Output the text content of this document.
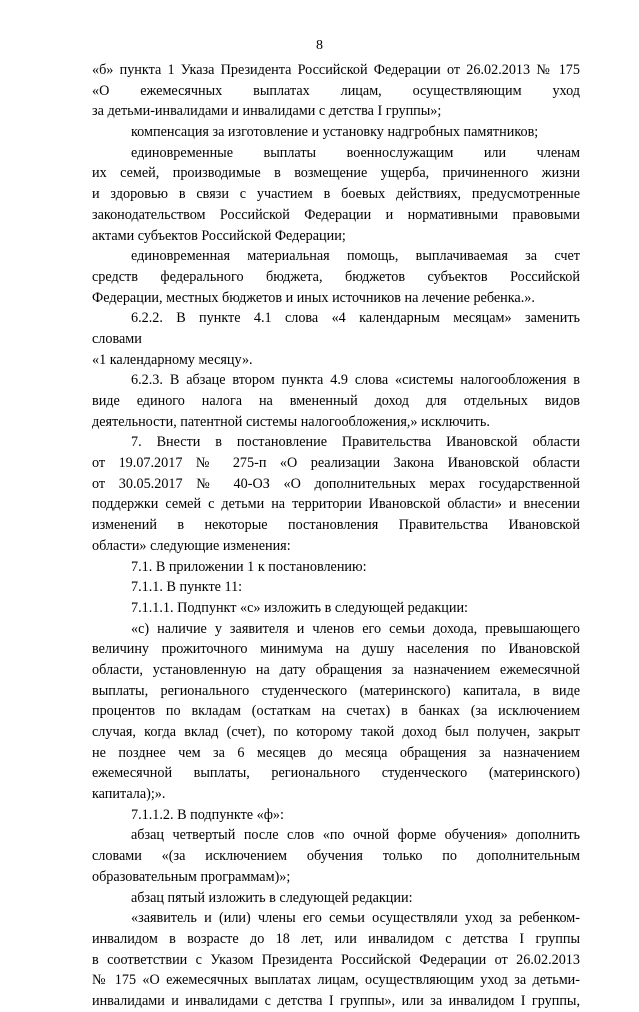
8
«б» пункта 1 Указа Президента Российской Федерации от 26.02.2013 № 175
«О ежемесячных выплатах лицам, осуществляющим уход
за детьми-инвалидами и инвалидами с детства I группы»;
компенсация за изготовление и установку надгробных памятников;
единовременные выплаты военнослужащим или членам
их семей, производимые в возмещение ущерба, причиненного жизни
и здоровью в связи с участием в боевых действиях, предусмотренные
законодательством Российской Федерации и нормативными правовыми
актами субъектов Российской Федерации;
единовременная материальная помощь, выплачиваемая за счет
средств федерального бюджета, бюджетов субъектов Российской
Федерации, местных бюджетов и иных источников на лечение ребенка.».
6.2.2. В пункте 4.1 слова «4 календарным месяцам» заменить
словами
«1 календарному месяцу».
6.2.3. В абзаце втором пункта 4.9 слова «системы налогообложения в
виде единого налога на вмененный доход для отдельных видов
деятельности, патентной системы налогообложения,» исключить.
7. Внести в постановление Правительства Ивановской области
от 19.07.2017 № 275-п «О реализации Закона Ивановской области
от 30.05.2017 № 40-ОЗ «О дополнительных мерах государственной
поддержки семей с детьми на территории Ивановской области» и внесении
изменений в некоторые постановления Правительства Ивановской
области» следующие изменения:
7.1. В приложении 1 к постановлению:
7.1.1. В пункте 11:
7.1.1.1. Подпункт «с» изложить в следующей редакции:
«с) наличие у заявителя и членов его семьи дохода, превышающего
величину прожиточного минимума на душу населения по Ивановской
области, установленную на дату обращения за назначением ежемесячной
выплаты, регионального студенческого (материнского) капитала, в виде
процентов по вкладам (остаткам на счетах) в банках (за исключением
случая, когда вклад (счет), по которому такой доход был получен, закрыт
не позднее чем за 6 месяцев до месяца обращения за назначением
ежемесячной выплаты, регионального студенческого (материнского)
капитала);».
7.1.1.2. В подпункте «ф»:
абзац четвертый после слов «по очной форме обучения» дополнить
словами «(за исключением обучения только по дополнительным
образовательным программам)»;
абзац пятый изложить в следующей редакции:
«заявитель и (или) члены его семьи осуществляли уход за ребенком-
инвалидом в возрасте до 18 лет, или инвалидом с детства I группы
в соответствии с Указом Президента Российской Федерации от 26.02.2013
№ 175 «О ежемесячных выплатах лицам, осуществляющим уход за детьми-
инвалидами и инвалидами с детства I группы», или за инвалидом I группы,
